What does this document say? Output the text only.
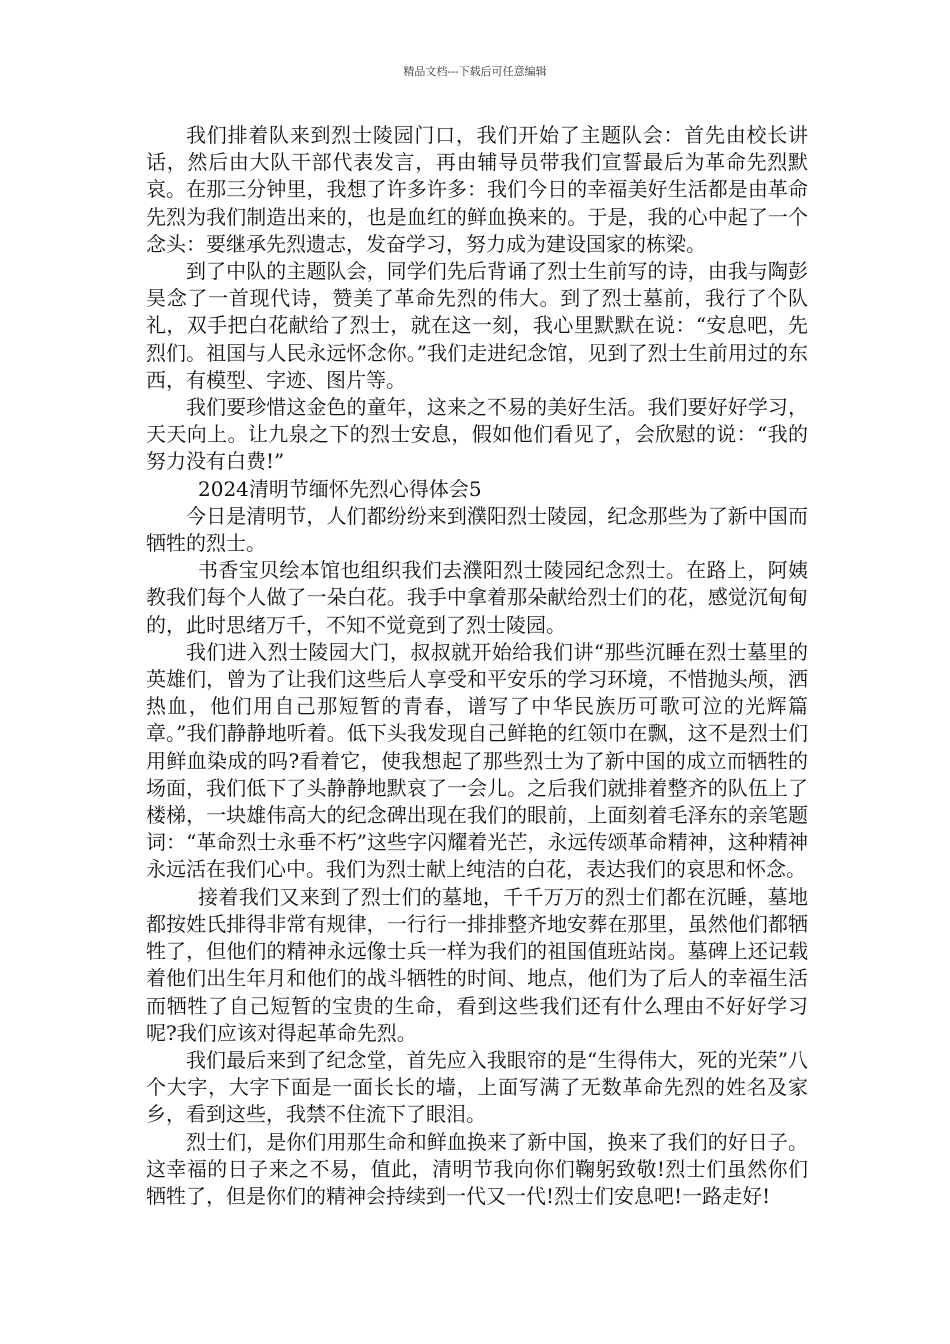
精品文档---下载后可任意编辑

我们排着队来到烈士陵园门口，我们开始了主题队会：首先由校长讲话，然后由大队干部代表发言，再由辅导员带我们宣誓最后为革命先烈默哀。在那三分钟里，我想了许多许多：我们今日的幸福美好生活都是由革命先烈为我们制造出来的，也是血红的鲜血换来的。于是，我的心中起了一个念头：要继承先烈遗志，发奋学习，努力成为建设国家的栋梁。

到了中队的主题队会，同学们先后背诵了烈士生前写的诗，由我与陶彭昊念了一首现代诗，赞美了革命先烈的伟大。到了烈士墓前，我行了个队礼，双手把白花献给了烈士，就在这一刻，我心里默默在说：“安息吧，先烈们。祖国与人民永远怀念你。”我们走进纪念馆，见到了烈士生前用过的东西，有模型、字迹、图片等。

我们要珍惜这金色的童年，这来之不易的美好生活。我们要好好学习，天天向上。让九泉之下的烈士安息，假如他们看见了，会欣慰的说：“我的努力没有白费!”

2024清明节缅怀先烈心得体会5

今日是清明节，人们都纷纷来到濮阳烈士陵园，纪念那些为了新中国而牺牲的烈士。

书香宝贝绘本馆也组织我们去濮阳烈士陵园纪念烈士。在路上，阿姨教我们每个人做了一朵白花。我手中拿着那朵献给烈士们的花，感觉沉甸甸的，此时思绪万千，不知不觉竟到了烈士陵园。

我们进入烈士陵园大门，叔叔就开始给我们讲“那些沉睡在烈士墓里的英雄们，曾为了让我们这些后人享受和平安乐的学习环境，不惜抛头颅，洒热血，他们用自己那短暂的青春，谱写了中华民族历可歌可泣的光辉篇章。”我们静静地听着。低下头我发现自己鲜艳的红领巾在飘，这不是烈士们用鲜血染成的吗?看着它，使我想起了那些烈士为了新中国的成立而牺牲的场面，我们低下了头静静地默哀了一会儿。之后我们就排着整齐的队伍上了楼梯，一块雄伟高大的纪念碑出现在我们的眼前，上面刻着毛泽东的亲笔题词：“革命烈士永垂不朽”这些字闪耀着光芒，永远传颂革命精神，这种精神永远活在我们心中。我们为烈士献上纯洁的白花，表达我们的哀思和怀念。

接着我们又来到了烈士们的墓地，千千万万的烈士们都在沉睡，墓地都按姓氏排得非常有规律，一行行一排排整齐地安葬在那里，虽然他们都牺牲了，但他们的精神永远像士兵一样为我们的祖国值班站岗。墓碑上还记载着他们出生年月和他们的战斗牺牲的时间、地点，他们为了后人的幸福生活而牺牲了自己短暂的宝贵的生命，看到这些我们还有什么理由不好好学习呢?我们应该对得起革命先烈。

我们最后来到了纪念堂，首先应入我眼帘的是“生得伟大，死的光荣”八个大字，大字下面是一面长长的墙，上面写满了无数革命先烈的姓名及家乡，看到这些，我禁不住流下了眼泪。

烈士们，是你们用那生命和鲜血换来了新中国，换来了我们的好日子。这幸福的日子来之不易，值此，清明节我向你们鞠躬致敬!烈士们虽然你们牺牲了，但是你们的精神会持续到一代又一代!烈士们安息吧!一路走好!
